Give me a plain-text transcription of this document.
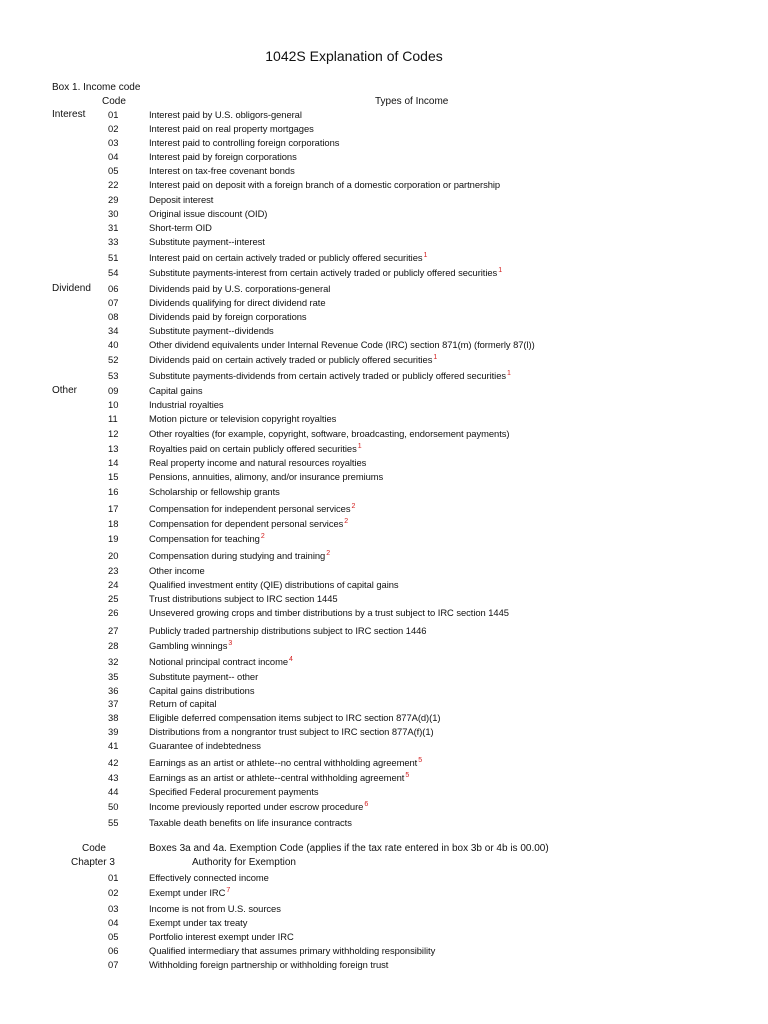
1042S Explanation of Codes
Box 1. Income code
Code	Types of Income
Interest 01	Interest paid by U.S. obligors-general
02	Interest paid on real property mortgages
03	Interest paid to controlling foreign corporations
04	Interest paid by foreign corporations
05	Interest on tax-free covenant bonds
22	Interest paid on deposit with a foreign branch of a domestic corporation or partnership
29	Deposit interest
30	Original issue discount (OID)
31	Short-term OID
33	Substitute payment--interest
51	Interest paid on certain actively traded or publicly offered securities$^1$
54	Substitute payments-interest from certain actively traded or publicly offered securities$^1$
Dividend 06	Dividends paid by U.S. corporations-general
07	Dividends qualifying for direct dividend rate
08	Dividends paid by foreign corporations
34	Substitute payment--dividends
40	Other dividend equivalents under Internal Revenue Code (IRC) section 871(m) (formerly 87(l))
52	Dividends paid on certain actively traded or publicly offered securities$^1$
53	Substitute payments-dividends from certain actively traded or publicly offered securities$^1$
Other	09	Capital gains
10	Industrial royalties
11	Motion picture or television copyright royalties
12	Other royalties (for example, copyright, software, broadcasting, endorsement payments)
13	Royalties paid on certain publicly offered securities$^1$
14	Real property income and natural resources royalties
15	Pensions, annuities, alimony, and/or insurance premiums
16	Scholarship or fellowship grants
17	Compensation for independent personal services$^2$
18	Compensation for dependent personal services$^2$
19	Compensation for teaching$^2$
20	Compensation during studying and training$^2$
23	Other income
24	Qualified investment entity (QIE) distributions of capital gains
25	Trust distributions subject to IRC section 1445
26	Unsevered growing crops and timber distributions by a trust subject to IRC section 1445
27	Publicly traded partnership distributions subject to IRC section 1446
28	Gambling winnings$^3$
32	Notional principal contract income$^4$
35	Substitute payment-- other
36	Capital gains distributions
37	Return of capital
38	Eligible deferred compensation items subject to IRC section 877A(d)(1)
39	Distributions from a nongrantor trust subject to IRC section 877A(f)(1)
41	Guarantee of indebtedness
42	Earnings as an artist or athlete--no central withholding agreement$^5$
43	Earnings as an artist or athlete--central withholding agreement$^5$
44	Specified Federal procurement payments
50	Income previously reported under escrow procedure$^6$
55	Taxable death benefits on life insurance contracts
Code	Boxes 3a and 4a. Exemption Code (applies if the tax rate entered in box 3b or 4b is 00.00)
Chapter 3	Authority for Exemption
01	Effectively connected income
02	Exempt under IRC$^7$
03	Income is not from U.S. sources
04	Exempt under tax treaty
05	Portfolio interest exempt under IRC
06	Qualified intermediary that assumes primary withholding responsibility
07	Withholding foreign partnership or withholding foreign trust
